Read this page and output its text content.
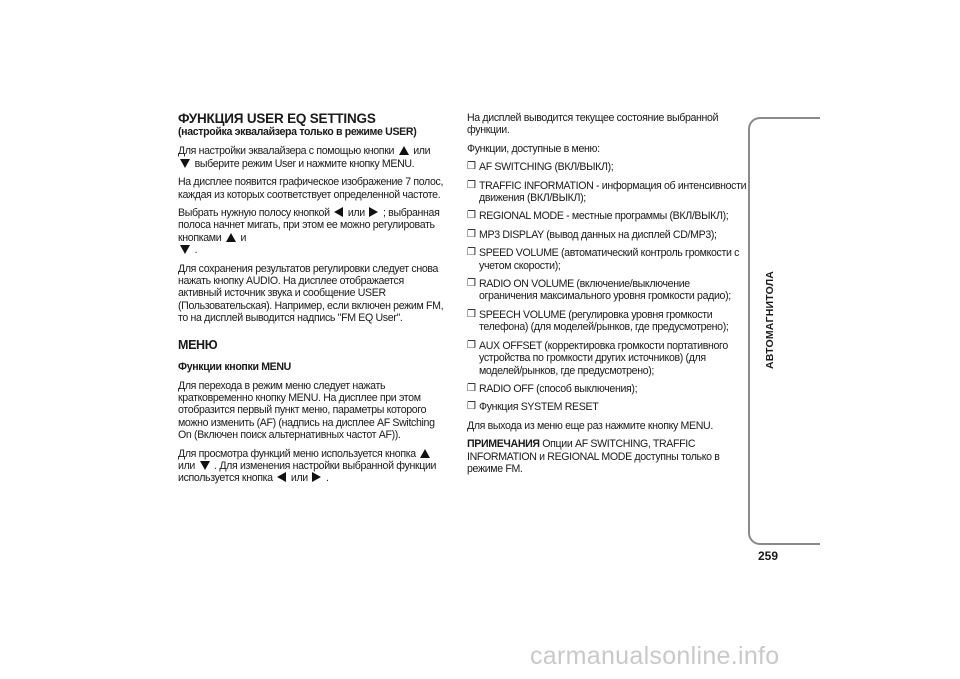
ФУНКЦИЯ USER EQ SETTINGS
(настройка эквалайзера только в режиме USER)

Для настройки эквалайзера с помощью кнопки или
выберите режим User и нажмите кнопку MENU.

На дисплее появится графическое изображение 7 полос, каждая из которых соответствует определенной частоте.

Выбрать нужную полосу кнопкой или ; выбранная полоса начнет мигать, при этом ее можно регулировать кнопками и
.

Для сохранения результатов регулировки следует снова нажать кнопку AUDIO. На дисплее отображается активный источник звука и сообщение USER (Пользовательская). Например, если включен режим FM, то на дисплей выводится надпись "FM EQ User".

МЕНЮ
Функции кнопки MENU

Для перехода в режим меню следует нажать кратковременно кнопку MENU. На дисплее при этом отобразится первый пункт меню, параметры которого можно изменить (AF) (надпись на дисплее AF Switching On (Включен поиск альтернативных частот AF)).

Для просмотра функций меню используется кнопка  или . Для изменения настройки выбранной функции используется кнопка или .

На дисплей выводится текущее состояние выбранной функции.

Функции, доступные в меню:

❒ AF SWITCHING (ВКЛ/ВЫКЛ);
❒ TRAFFIC INFORMATION - информация об интенсивности движения (ВКЛ/ВЫКЛ);
❒ REGIONAL MODE - местные программы (ВКЛ/ВЫКЛ);
❒ MP3 DISPLAY (вывод данных на дисплей CD/MP3);
❒ SPEED VOLUME (автоматический контроль громкости с учетом скорости);
❒ RADIO ON VOLUME (включение/выключение ограничения максимального уровня громкости радио);
❒ SPEECH VOLUME (регулировка уровня громкости телефона) (для моделей/рынков, где предусмотрено);
❒ AUX OFFSET (корректировка громкости портативного устройства по громкости других источников) (для моделей/рынков, где предусмотрено);
❒ RADIO OFF (способ выключения);
❒ Функция SYSTEM RESET

Для выхода из меню еще раз нажмите кнопку MENU.

ПРИМЕЧАНИЯ Опции AF SWITCHING, TRAFFIC INFORMATION и REGIONAL MODE доступны только в режиме FM.

АВТОМАГНИТОЛА
259
carmanualsonline.info
